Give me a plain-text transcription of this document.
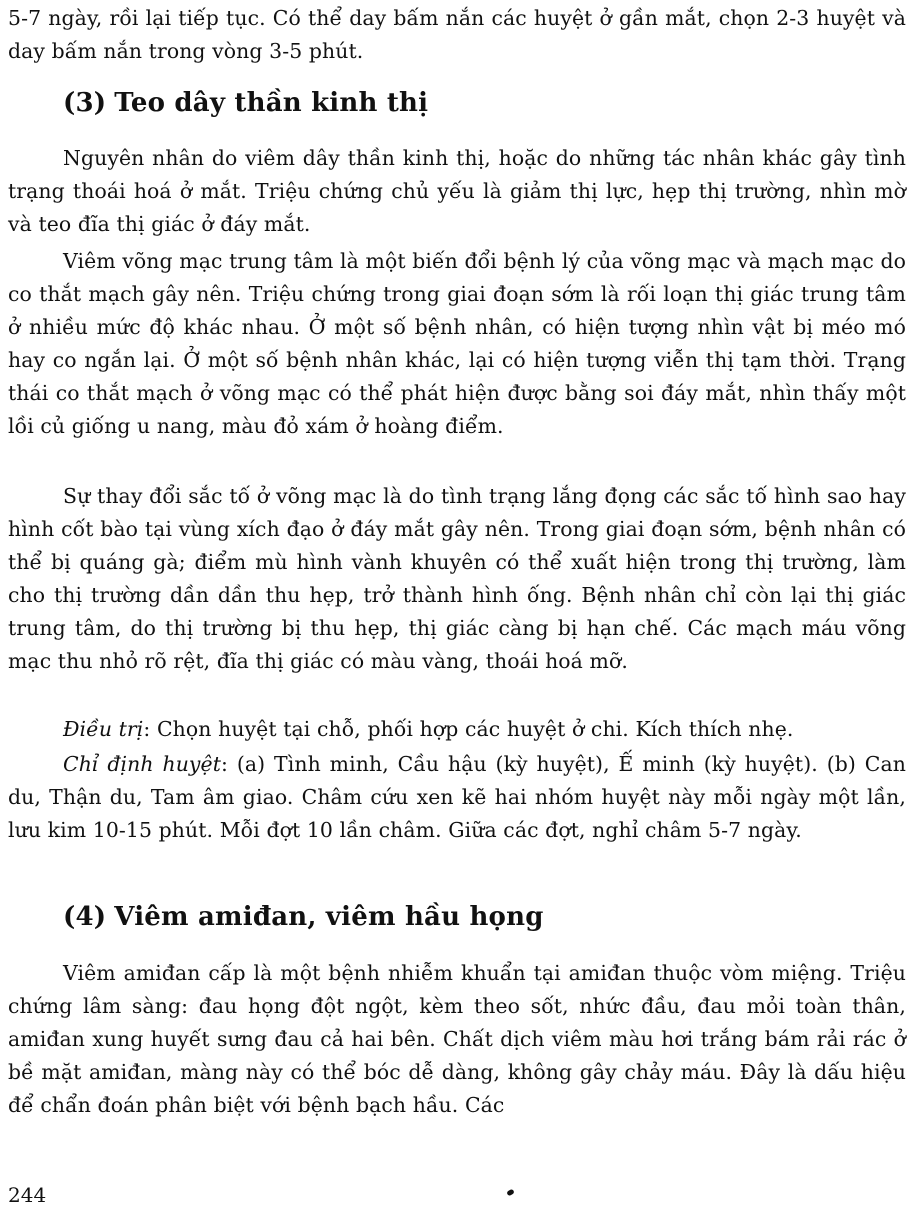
5-7 ngày, rồi lại tiếp tục. Có thể day bấm nắn các huyệt ở gần mắt, chọn 2-3 huyệt và day bấm nắn trong vòng 3-5 phút.

(3) Teo dây thần kinh thị

Nguyên nhân do viêm dây thần kinh thị, hoặc do những tác nhân khác gây tình trạng thoái hoá ở mắt. Triệu chứng chủ yếu là giảm thị lực, hẹp thị trường, nhìn mờ và teo đĩa thị giác ở đáy mắt.

Viêm võng mạc trung tâm là một biến đổi bệnh lý của võng mạc và mạch mạc do co thắt mạch gây nên. Triệu chứng trong giai đoạn sớm là rối loạn thị giác trung tâm ở nhiều mức độ khác nhau. Ở một số bệnh nhân, có hiện tượng nhìn vật bị méo mó hay co ngắn lại. Ở một số bệnh nhân khác, lại có hiện tượng viễn thị tạm thời. Trạng thái co thắt mạch ở võng mạc có thể phát hiện được bằng soi đáy mắt, nhìn thấy một lồi củ giống u nang, màu đỏ xám ở hoàng điểm.

Sự thay đổi sắc tố ở võng mạc là do tình trạng lắng đọng các sắc tố hình sao hay hình cốt bào tại vùng xích đạo ở đáy mắt gây nên. Trong giai đoạn sớm, bệnh nhân có thể bị quáng gà; điểm mù hình vành khuyên có thể xuất hiện trong thị trường, làm cho thị trường dần dần thu hẹp, trở thành hình ống. Bệnh nhân chỉ còn lại thị giác trung tâm, do thị trường bị thu hẹp, thị giác càng bị hạn chế. Các mạch máu võng mạc thu nhỏ rõ rệt, đĩa thị giác có màu vàng, thoái hoá mỡ.

Điều trị: Chọn huyệt tại chỗ, phối hợp các huyệt ở chi. Kích thích nhẹ.

Chỉ định huyệt: (a) Tình minh, Cầu hậu (kỳ huyệt), Ế minh (kỳ huyệt). (b) Can du, Thận du, Tam âm giao. Châm cứu xen kẽ hai nhóm huyệt này mỗi ngày một lần, lưu kim 10-15 phút. Mỗi đợt 10 lần châm. Giữa các đợt, nghỉ châm 5-7 ngày.

(4) Viêm amiđan, viêm hầu họng

Viêm amiđan cấp là một bệnh nhiễm khuẩn tại amiđan thuộc vòm miệng. Triệu chứng lâm sàng: đau họng đột ngột, kèm theo sốt, nhức đầu, đau mỏi toàn thân, amiđan xung huyết sưng đau cả hai bên. Chất dịch viêm màu hơi trắng bám rải rác ở bề mặt amiđan, màng này có thể bóc dễ dàng, không gây chảy máu. Đây là dấu hiệu để chẩn đoán phân biệt với bệnh bạch hầu. Các

244
